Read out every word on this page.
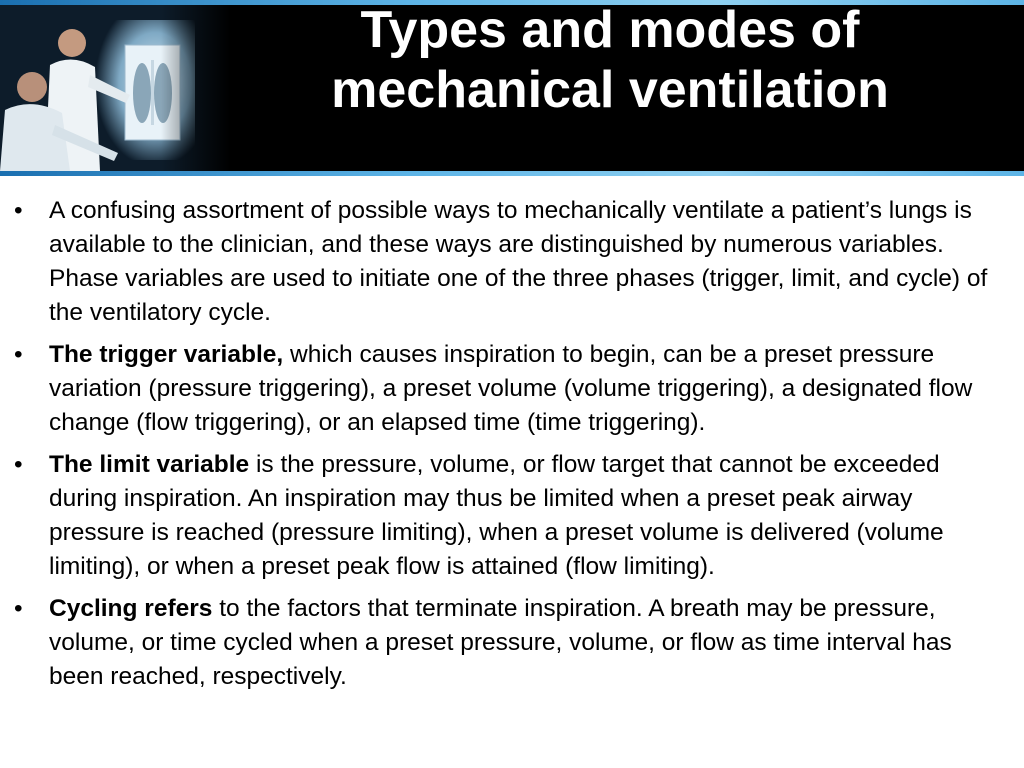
Types and modes of
mechanical ventilation
•	A confusing assortment of possible ways to mechanically ventilate a patient’s lungs is available to the clinician, and these ways are distinguished by numerous variables. Phase variables are used to initiate one of the three phases (trigger, limit, and cycle) of the ventilatory cycle.
•	The trigger variable, which causes inspiration to begin, can be a preset pressure variation (pressure triggering), a preset volume (volume triggering), a designated flow change (flow triggering), or an elapsed time (time triggering).
•	The limit variable is the pressure, volume, or flow target that cannot be exceeded during inspiration. An inspiration may thus be limited when a preset peak airway pressure is reached (pressure limiting), when a preset volume is delivered (volume limiting), or when a preset peak flow is attained (flow limiting).
•	Cycling refers to the factors that terminate inspiration. A breath may be pressure, volume, or time cycled when a preset pressure, volume, or flow as time interval has been reached, respectively.
